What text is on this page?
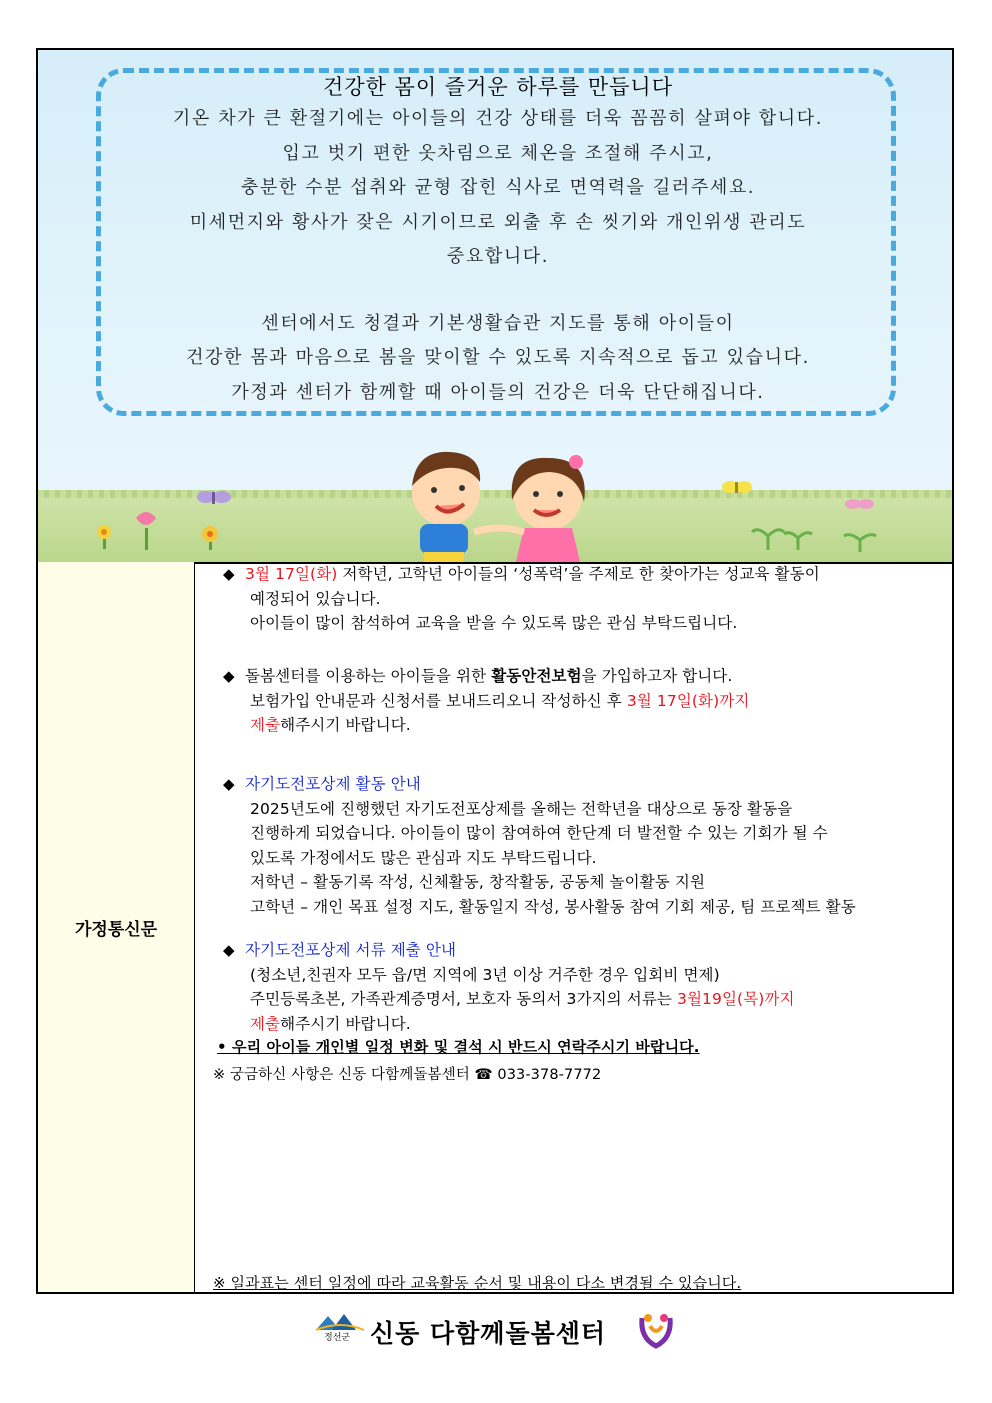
건강한 몸이 즐거운 하루를 만듭니다
기온 차가 큰 환절기에는 아이들의 건강 상태를 더욱 꼼꼼히 살펴야 합니다.
입고 벗기 편한 옷차림으로 체온을 조절해 주시고,
충분한 수분 섭취와 균형 잡힌 식사로 면역력을 길러주세요.
미세먼지와 황사가 잦은 시기이므로 외출 후 손 씻기와 개인위생 관리도
중요합니다.
센터에서도 청결과 기본생활습관 지도를 통해 아이들이
건강한 몸과 마음으로 봄을 맞이할 수 있도록 지속적으로 돕고 있습니다.
가정과 센터가 함께할 때 아이들의 건강은 더욱 단단해집니다.
가정통신문
◆ 3월 17일(화) 저학년, 고학년 아이들의 ‘성폭력’을 주제로 한 찾아가는 성교육 활동이
예정되어 있습니다.
아이들이 많이 참석하여 교육을 받을 수 있도록 많은 관심 부탁드립니다.
◆ 돌봄센터를 이용하는 아이들을 위한 활동안전보험을 가입하고자 합니다.
보험가입 안내문과 신청서를 보내드리오니 작성하신 후 3월 17일(화)까지
제출해주시기 바랍니다.
◆ 자기도전포상제 활동 안내
2025년도에 진행했던 자기도전포상제를 올해는 전학년을 대상으로 동장 활동을
진행하게 되었습니다. 아이들이 많이 참여하여 한단계 더 발전할 수 있는 기회가 될 수
있도록 가정에서도 많은 관심과 지도 부탁드립니다.
저학년 – 활동기록 작성, 신체활동, 창작활동, 공동체 놀이활동 지원
고학년 – 개인 목표 설정 지도, 활동일지 작성, 봉사활동 참여 기회 제공, 팀 프로젝트 활동
◆ 자기도전포상제 서류 제출 안내
(청소년,친권자 모두 읍/면 지역에 3년 이상 거주한 경우 입회비 면제)
주민등록초본, 가족관계증명서, 보호자 동의서 3가지의 서류는 3월19일(목)까지
제출해주시기 바랍니다.
• 우리 아이들 개인별 일정 변화 및 결석 시 반드시 연락주시기 바랍니다.
※ 궁금하신 사항은 신동 다함께돌봄센터 ☎ 033-378-7772
※ 일과표는 센터 일정에 따라 교육활동 순서 및 내용이 다소 변경될 수 있습니다.
정선군 신동 다함께돌봄센터
